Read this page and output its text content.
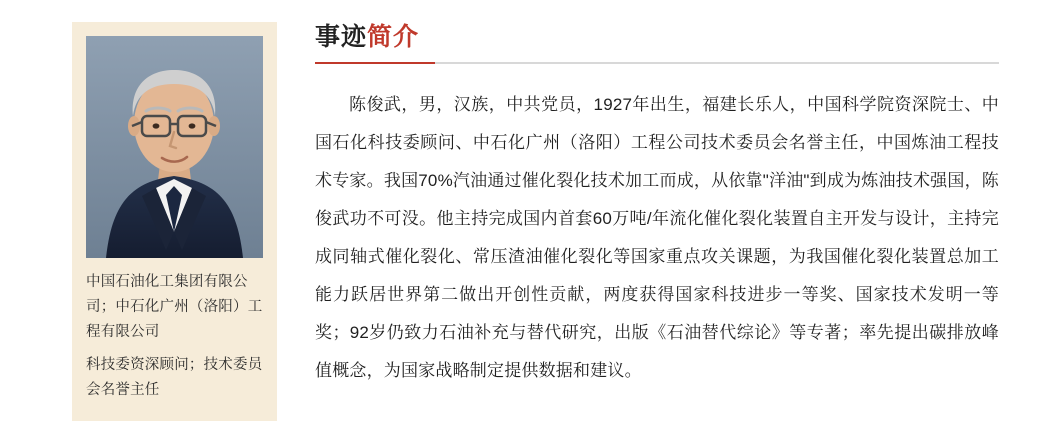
中国石油化工集团有限公司；中石化广州（洛阳）工程有限公司
科技委资深顾问；技术委员会名誉主任
事迹简介
陈俊武，男，汉族，中共党员，1927年出生，福建长乐人，中国科学院资深院士、中国石化科技委顾问、中石化广州（洛阳）工程公司技术委员会名誉主任，中国炼油工程技术专家。我国70%汽油通过催化裂化技术加工而成，从依靠"洋油"到成为炼油技术强国，陈俊武功不可没。他主持完成国内首套60万吨/年流化催化裂化装置自主开发与设计，主持完成同轴式催化裂化、常压渣油催化裂化等国家重点攻关课题，为我国催化裂化装置总加工能力跃居世界第二做出开创性贡献，两度获得国家科技进步一等奖、国家技术发明一等奖；92岁仍致力石油补充与替代研究，出版《石油替代综论》等专著；率先提出碳排放峰值概念，为国家战略制定提供数据和建议。
